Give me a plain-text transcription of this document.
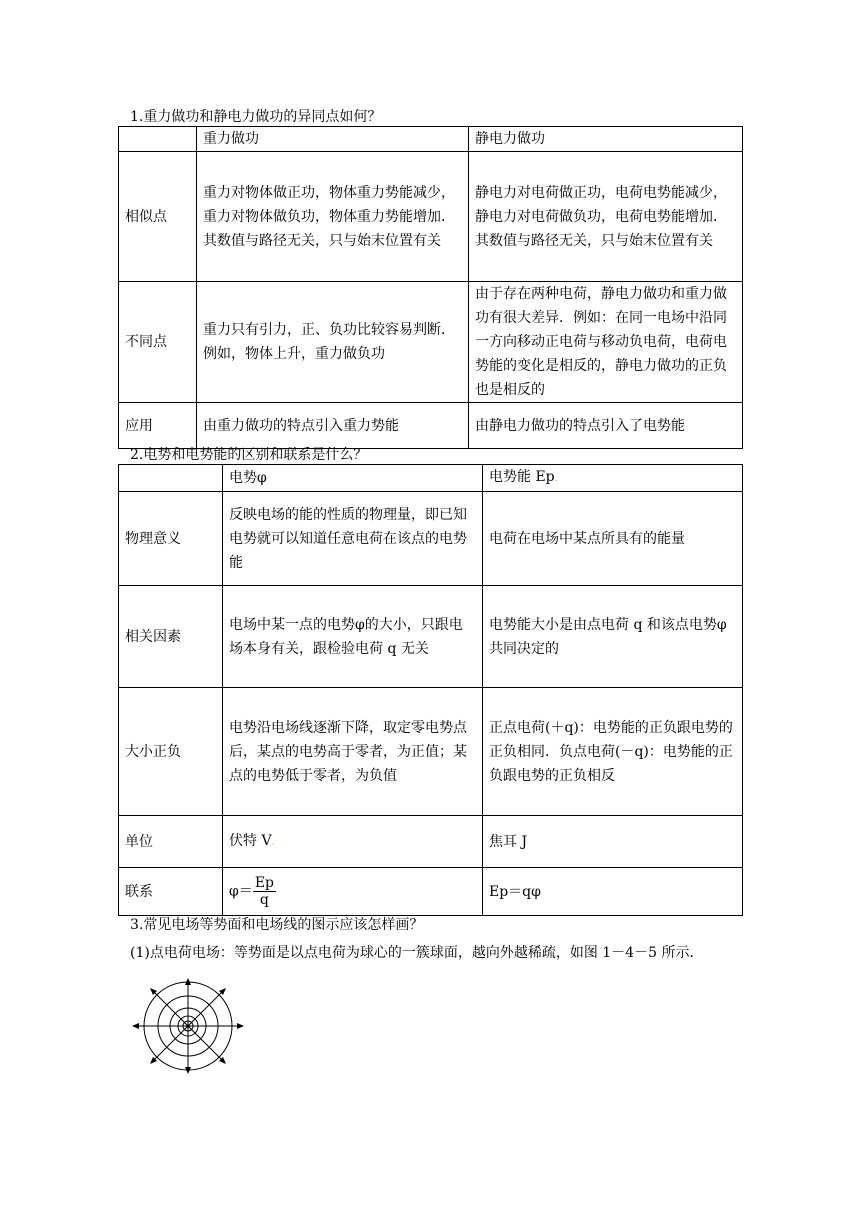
1.重力做功和静电力做功的异同点如何？
	重力做功	静电力做功
相似点	重力对物体做正功，物体重力势能减少，重力对物体做负功，物体重力势能增加．其数值与路径无关，只与始末位置有关	静电力对电荷做正功，电荷电势能减少，静电力对电荷做负功，电荷电势能增加．其数值与路径无关，只与始末位置有关
不同点	重力只有引力，正、负功比较容易判断．例如，物体上升，重力做负功	由于存在两种电荷，静电力做功和重力做功有很大差异．例如：在同一电场中沿同一方向移动正电荷与移动负电荷，电荷电势能的变化是相反的，静电力做功的正负也是相反的
应用	由重力做功的特点引入重力势能	由静电力做功的特点引入了电势能
2.电势和电势能的区别和联系是什么？
	电势φ	电势能 Ep.
物理意义	反映电场的能的性质的物理量，即已知电势就可以知道任意电荷在该点的电势能	电荷在电场中某点所具有的能量
相关因素	电场中某一点的电势φ的大小，只跟电场本身有关，跟检验电荷 q 无关	电势能大小是由点电荷 q 和该点电势φ共同决定的
大小正负	电势沿电场线逐渐下降，取定零电势点后，某点的电势高于零者，为正值；某点的电势低于零者，为负值	正点电荷(＋q)：电势能的正负跟电势的正负相同．负点电荷(－q)：电势能的正负跟电势的正负相反
单位	伏特 V.	焦耳 J
联系	$\varphi= \frac{Ep}{q}$	Ep＝qφ
3.常见电场等势面和电场线的图示应该怎样画？
(1)点电荷电场：等势面是以点电荷为球心的一簇球面，越向外越稀疏，如图 1－4－5 所示．
